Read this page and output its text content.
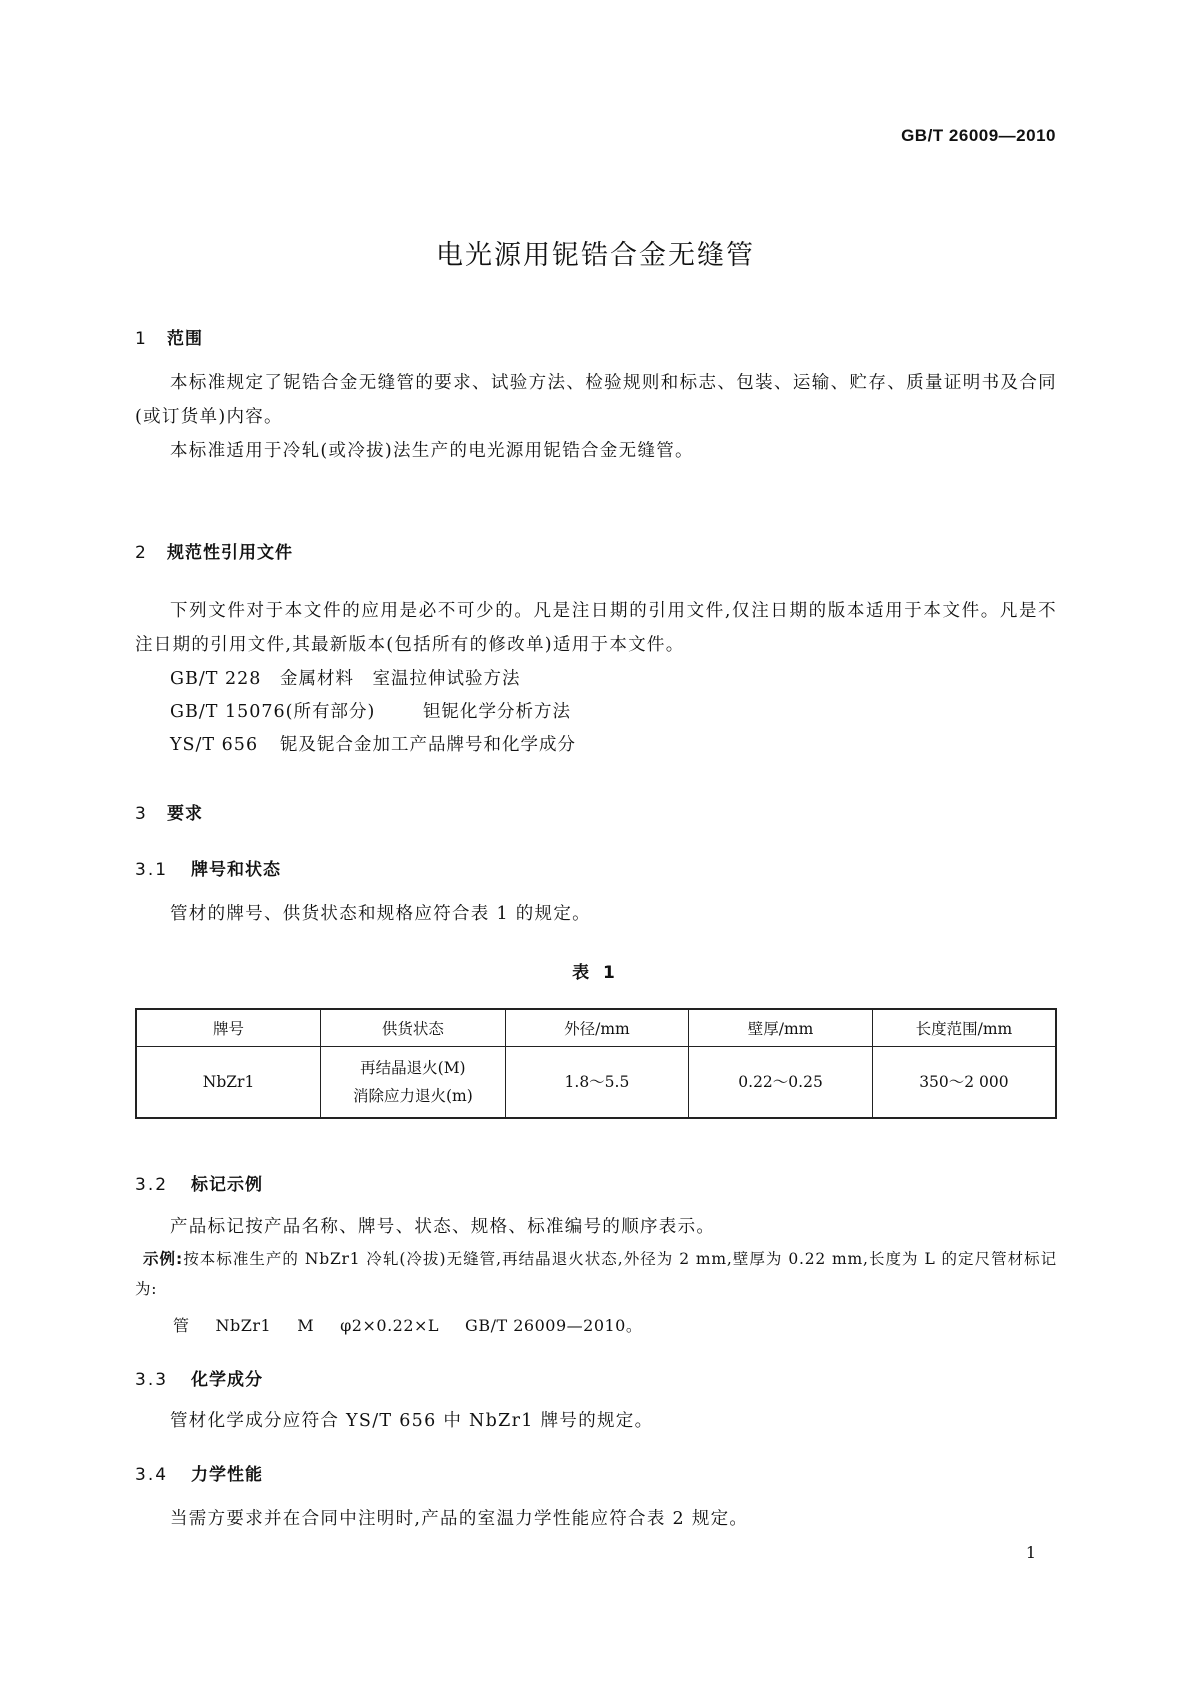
GB/T 26009—2010
电光源用铌锆合金无缝管
1 范围

本标准规定了铌锆合金无缝管的要求、试验方法、检验规则和标志、包装、运输、贮存、质量证明书及合同(或订货单)内容。

本标准适用于冷轧(或冷拔)法生产的电光源用铌锆合金无缝管。

2 规范性引用文件

下列文件对于本文件的应用是必不可少的。凡是注日期的引用文件,仅注日期的版本适用于本文件。凡是不注日期的引用文件,其最新版本(包括所有的修改单)适用于本文件。

GB/T 228 金属材料　室温拉伸试验方法
GB/T 15076(所有部分)	钽铌化学分析方法
YS/T 656 铌及铌合金加工产品牌号和化学成分
3 要求
3.1 牌号和状态
管材的牌号、供货状态和规格应符合表 1 的规定。
表 1
牌号	供货状态	外径/mm	壁厚/mm	长度范围/mm
NbZr1	再结晶退火(M)
消除应力退火(m)	1.8～5.5	0.22～0.25	350～2 000
3.2 标记示例
产品标记按产品名称、牌号、状态、规格、标准编号的顺序表示。

示例:按本标准生产的 NbZr1 冷轧(冷拔)无缝管,再结晶退火状态,外径为 2 mm,壁厚为 0.22 mm,长度为 L 的定尺管材标记为:

管 NbZr1 M φ2×0.22×L GB/T 26009—2010。
3.3 化学成分
管材化学成分应符合 YS/T 656 中 NbZr1 牌号的规定。
3.4 力学性能
当需方要求并在合同中注明时,产品的室温力学性能应符合表 2 规定。
1
